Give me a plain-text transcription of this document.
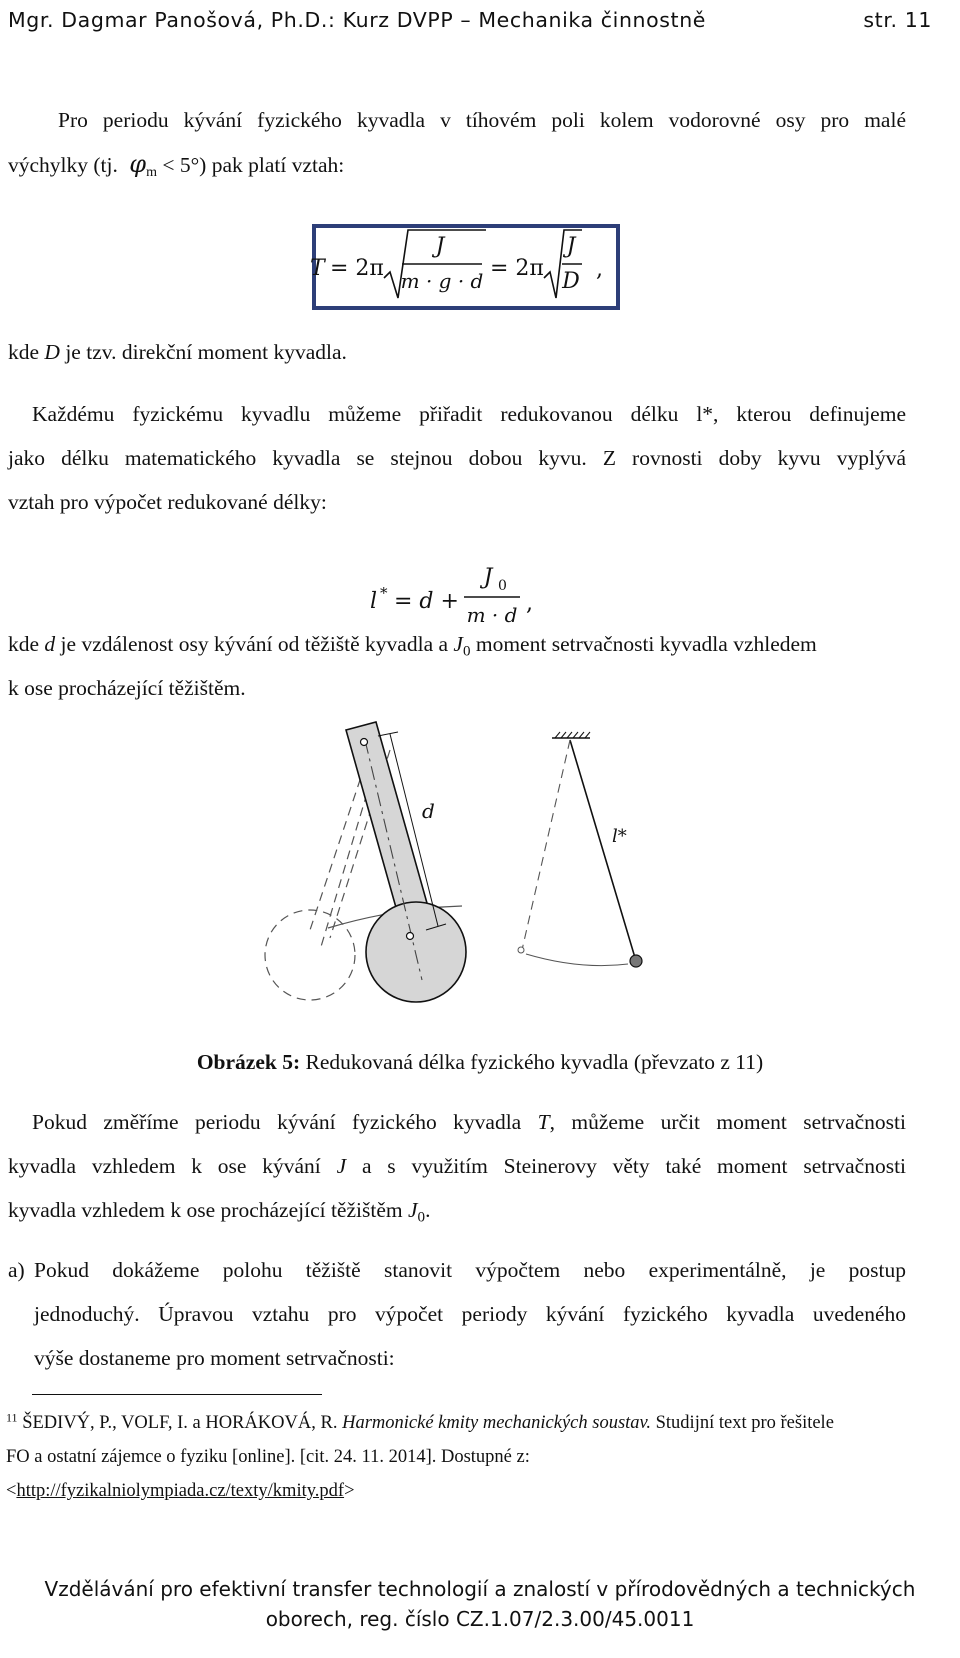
Mgr. Dagmar Panošová, Ph.D.: Kurz DVPP – Mechanika činnostně	str. 11
Pro periodu kývání fyzického kyvadla v tíhovém poli kolem vodorovné osy pro malé
výchylky (tj. $\varphi_m < 5^\circ$) pak platí vztah:
T = 2π
J
m · g · d = 2π
J
D ,
kde D je tzv. direkční moment kyvadla.
Každému fyzickému kyvadlu můžeme přiřadit redukovanou délku l*, kterou definujeme
jako délku matematického kyvadla se stejnou dobou kyvu. Z rovnosti doby kyvu vyplývá
vztah pro výpočet redukované délky:
l * = d +
J 0
m · d ,
kde d je vzdálenost osy kývání od těžiště kyvadla a $J_0$ moment setrvačnosti kyvadla vzhledem
k ose procházející těžištěm.
d
l*
Obrázek 5: Redukovaná délka fyzického kyvadla (převzato z 11)
Pokud změříme periodu kývání fyzického kyvadla T, můžeme určit moment setrvačnosti
kyvadla vzhledem k ose kývání J a s využitím Steinerovy věty také moment setrvačnosti
kyvadla vzhledem k ose procházející těžištěm $J_0$.
a) Pokud dokážeme polohu těžiště stanovit výpočtem nebo experimentálně, je postup
jednoduchý. Úpravou vztahu pro výpočet periody kývání fyzického kyvadla uvedeného
výše dostaneme pro moment setrvačnosti:
$^{11}$ ŠEDIVÝ, P., VOLF, I. a HORÁKOVÁ, R. Harmonické kmity mechanických soustav. Studijní text pro řešitele
FO a ostatní zájemce o fyziku [online]. [cit. 24. 11. 2014]. Dostupné z:
<http://fyzikalniolympiada.cz/texty/kmity.pdf>
Vzdělávání pro efektivní transfer technologií a znalostí v přírodovědných a technických
oborech, reg. číslo CZ.1.07/2.3.00/45.0011
